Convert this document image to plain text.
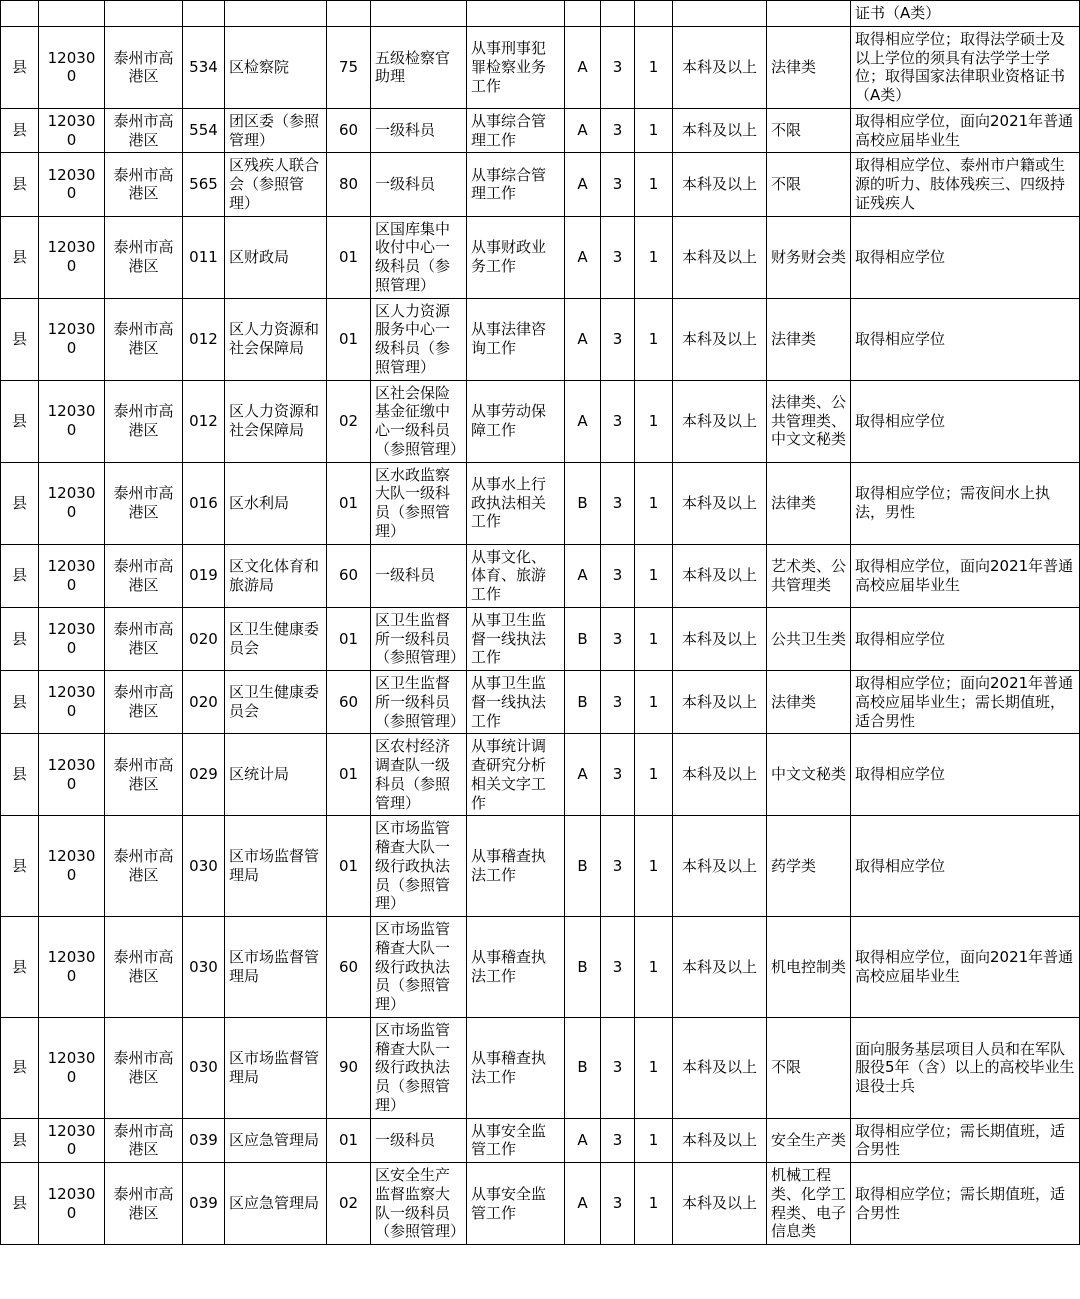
													证书（A类）
县	120300	泰州市高港区	534	区检察院	75	五级检察官助理	从事刑事犯罪检察业务工作	A	3	1	本科及以上	法律类	取得相应学位；取得法学硕士及以上学位的须具有法学学士学位；取得国家法律职业资格证书（A类）
县	120300	泰州市高港区	554	团区委（参照管理）	60	一级科员	从事综合管理工作	A	3	1	本科及以上	不限	取得相应学位，面向2021年普通高校应届毕业生
县	120300	泰州市高港区	565	区残疾人联合会（参照管理）	80	一级科员	从事综合管理工作	A	3	1	本科及以上	不限	取得相应学位、泰州市户籍或生源的听力、肢体残疾三、四级持证残疾人
县	120300	泰州市高港区	011	区财政局	01	区国库集中收付中心一级科员（参照管理）	从事财政业务工作	A	3	1	本科及以上	财务财会类	取得相应学位
县	120300	泰州市高港区	012	区人力资源和社会保障局	01	区人力资源服务中心一级科员（参照管理）	从事法律咨询工作	A	3	1	本科及以上	法律类	取得相应学位
县	120300	泰州市高港区	012	区人力资源和社会保障局	02	区社会保险基金征缴中心一级科员（参照管理）	从事劳动保障工作	A	3	1	本科及以上	法律类、公共管理类、中文文秘类	取得相应学位
县	120300	泰州市高港区	016	区水利局	01	区水政监察大队一级科员（参照管理）	从事水上行政执法相关工作	B	3	1	本科及以上	法律类	取得相应学位；需夜间水上执法，男性
县	120300	泰州市高港区	019	区文化体育和旅游局	60	一级科员	从事文化、体育、旅游工作	A	3	1	本科及以上	艺术类、公共管理类	取得相应学位，面向2021年普通高校应届毕业生
县	120300	泰州市高港区	020	区卫生健康委员会	01	区卫生监督所一级科员（参照管理）	从事卫生监督一线执法工作	B	3	1	本科及以上	公共卫生类	取得相应学位
县	120300	泰州市高港区	020	区卫生健康委员会	60	区卫生监督所一级科员（参照管理）	从事卫生监督一线执法工作	B	3	1	本科及以上	法律类	取得相应学位；面向2021年普通高校应届毕业生；需长期值班，适合男性
县	120300	泰州市高港区	029	区统计局	01	区农村经济调查队一级科员（参照管理）	从事统计调查研究分析相关文字工作	A	3	1	本科及以上	中文文秘类	取得相应学位
县	120300	泰州市高港区	030	区市场监督管理局	01	区市场监管稽查大队一级行政执法员（参照管理）	从事稽查执法工作	B	3	1	本科及以上	药学类	取得相应学位
县	120300	泰州市高港区	030	区市场监督管理局	60	区市场监管稽查大队一级行政执法员（参照管理）	从事稽查执法工作	B	3	1	本科及以上	机电控制类	取得相应学位，面向2021年普通高校应届毕业生
县	120300	泰州市高港区	030	区市场监督管理局	90	区市场监管稽查大队一级行政执法员（参照管理）	从事稽查执法工作	B	3	1	本科及以上	不限	面向服务基层项目人员和在军队服役5年（含）以上的高校毕业生退役士兵
县	120300	泰州市高港区	039	区应急管理局	01	一级科员	从事安全监管工作	A	3	1	本科及以上	安全生产类	取得相应学位；需长期值班，适合男性
县	120300	泰州市高港区	039	区应急管理局	02	区安全生产监督监察大队一级科员（参照管理）	从事安全监管工作	A	3	1	本科及以上	机械工程类、化学工程类、电子信息类	取得相应学位；需长期值班，适合男性
